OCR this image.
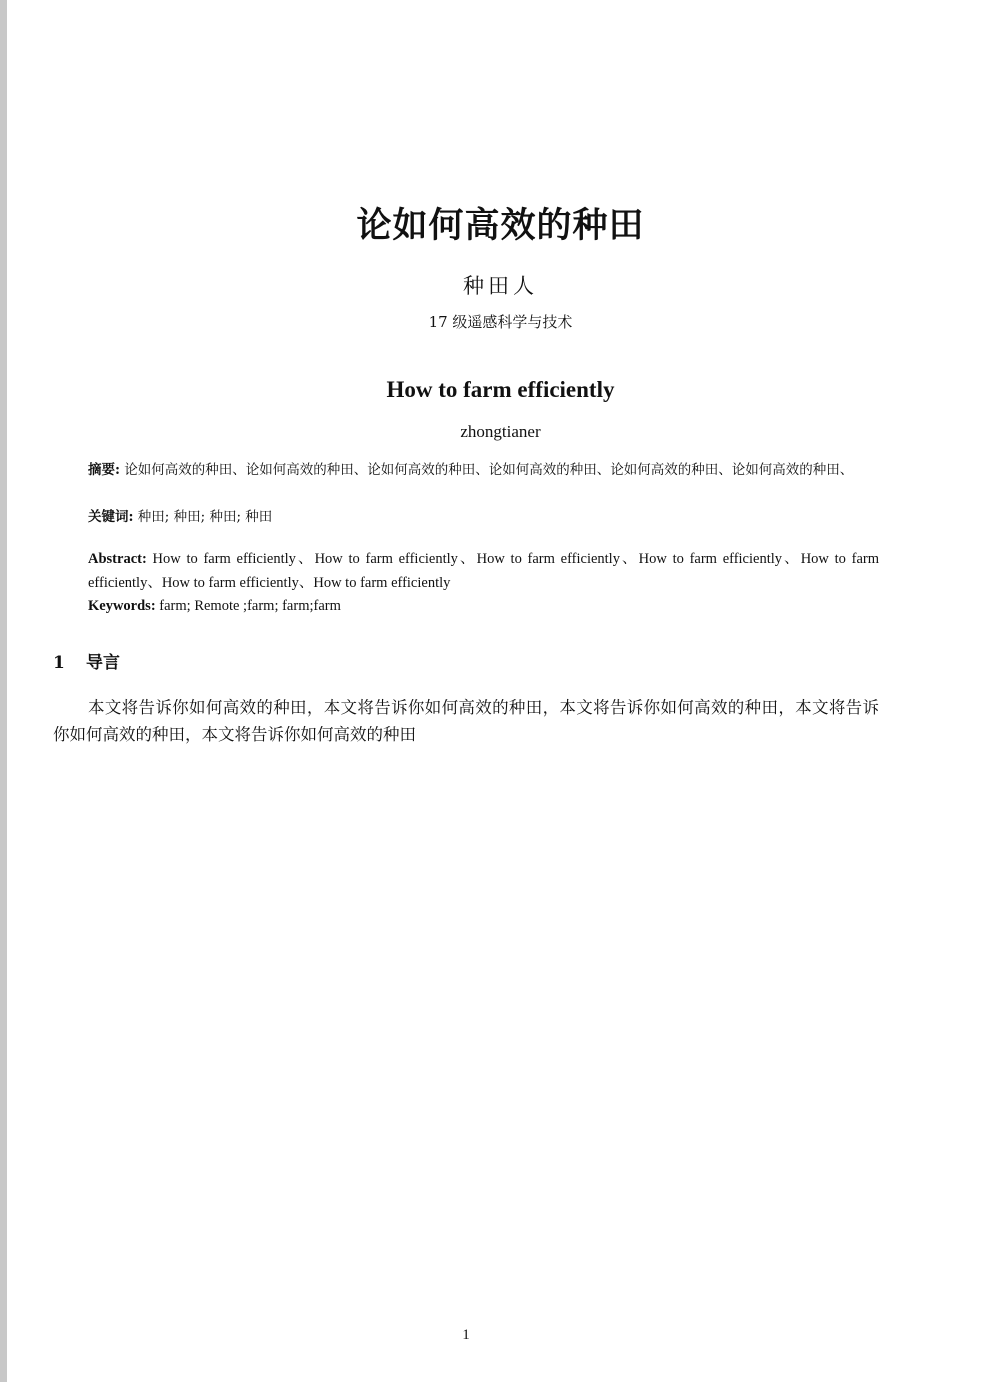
论如何高效的种田
种田人
17 级遥感科学与技术
How to farm efficiently
zhongtianer
摘要: 论如何高效的种田、论如何高效的种田、论如何高效的种田、论如何高效的种田、论如何高效的种田、论如何高效的种田、
关键词: 种田; 种田; 种田; 种田
Abstract: How to farm efficiently、How to farm efficiently、How to farm efficiently、How to farm efficiently、How to farm efficiently、How to farm efficiently、How to farm efficiently
Keywords: farm; Remote ;farm; farm;farm
1 导言
本文将告诉你如何高效的种田，本文将告诉你如何高效的种田，本文将告诉你如何高效的种田，本文将告诉你如何高效的种田，本文将告诉你如何高效的种田
1
